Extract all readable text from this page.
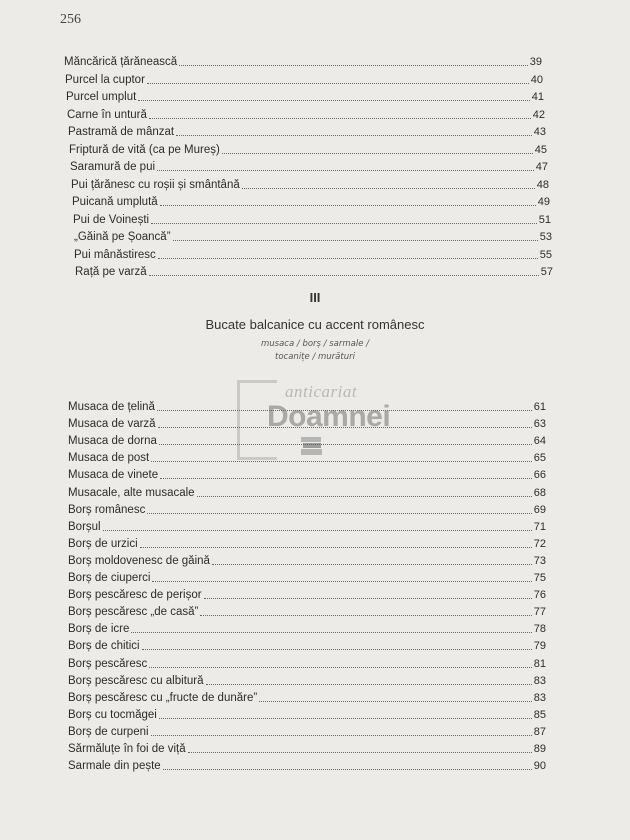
256
Măncărică țărănească	39
Purcel la cuptor	40
Purcel umplut	41
Carne în untură	42
Pastramă de mânzat	43
Friptură de vită (ca pe Mureș)	45
Saramură de pui	47
Pui țărănesc cu roșii și smântână	48
Puicană umplută	49
Pui de Voinești	51
„Găină pe Șoancă”	53
Pui mânăstiresc	55
Rață pe varză	57
III
Bucate balcanice cu accent românesc
musaca / borș / sarmale /
tocanițe / murături
anticariat
Doamnei
Musaca de țelină	61
Musaca de varză	63
Musaca de dorna	64
Musaca de post	65
Musaca de vinete	66
Musacale, alte musacale	68
Borș românesc	69
Borșul	71
Borș de urzici	72
Borș moldovenesc de găină	73
Borș de ciuperci	75
Borș pescăresc de perișor	76
Borș pescăresc „de casă”	77
Borș de icre	78
Borș de chitici	79
Borș pescăresc	81
Borș pescăresc cu albitură	83
Borș pescăresc cu „fructe de dunăre”	83
Borș cu tocmăgei	85
Borș de curpeni	87
Sărmăluțe în foi de viță	89
Sarmale din pește	90
